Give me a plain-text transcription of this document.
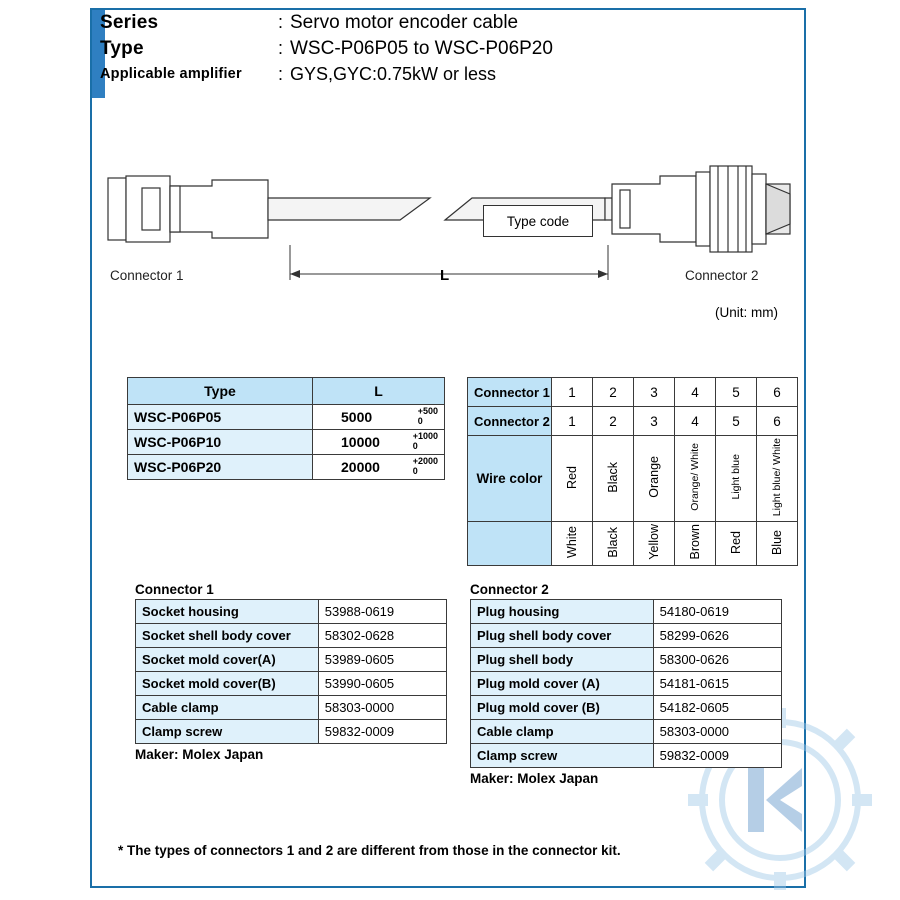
Series	: Servo motor encoder cable
Type	: WSC-P06P05 to WSC-P06P20
Applicable amplifier	: GYS,GYC:0.75kW or less
Type code
L
Connector 1	Connector 2
(Unit: mm)
Type	L
WSC-P06P05	5000 +500
0

WSC-P06P10	10000 +1000
0

WSC-P06P20	20000 +2000
0
Connector 1	1	2	3	4	5	6
Connector 2	1	2	3	4	5	6
Wire color	Red	Black	Orange	Orange/ White	Light blue	Light blue/ White
	White	Black	Yellow	Brown	Red	Blue
Connector 1
Socket housing	53988-0619
Socket shell body cover	58302-0628
Socket mold cover(A)	53989-0605
Socket mold cover(B)	53990-0605
Cable clamp	58303-0000
Clamp screw	59832-0009
Maker: Molex Japan
Connector 2
Plug housing	54180-0619
Plug shell body cover	58299-0626
Plug shell body	58300-0626
Plug mold cover (A)	54181-0615
Plug mold cover (B)	54182-0605
Cable clamp	58303-0000
Clamp screw	59832-0009
Maker: Molex Japan
* The types of connectors 1 and 2 are different from those in the connector kit.
